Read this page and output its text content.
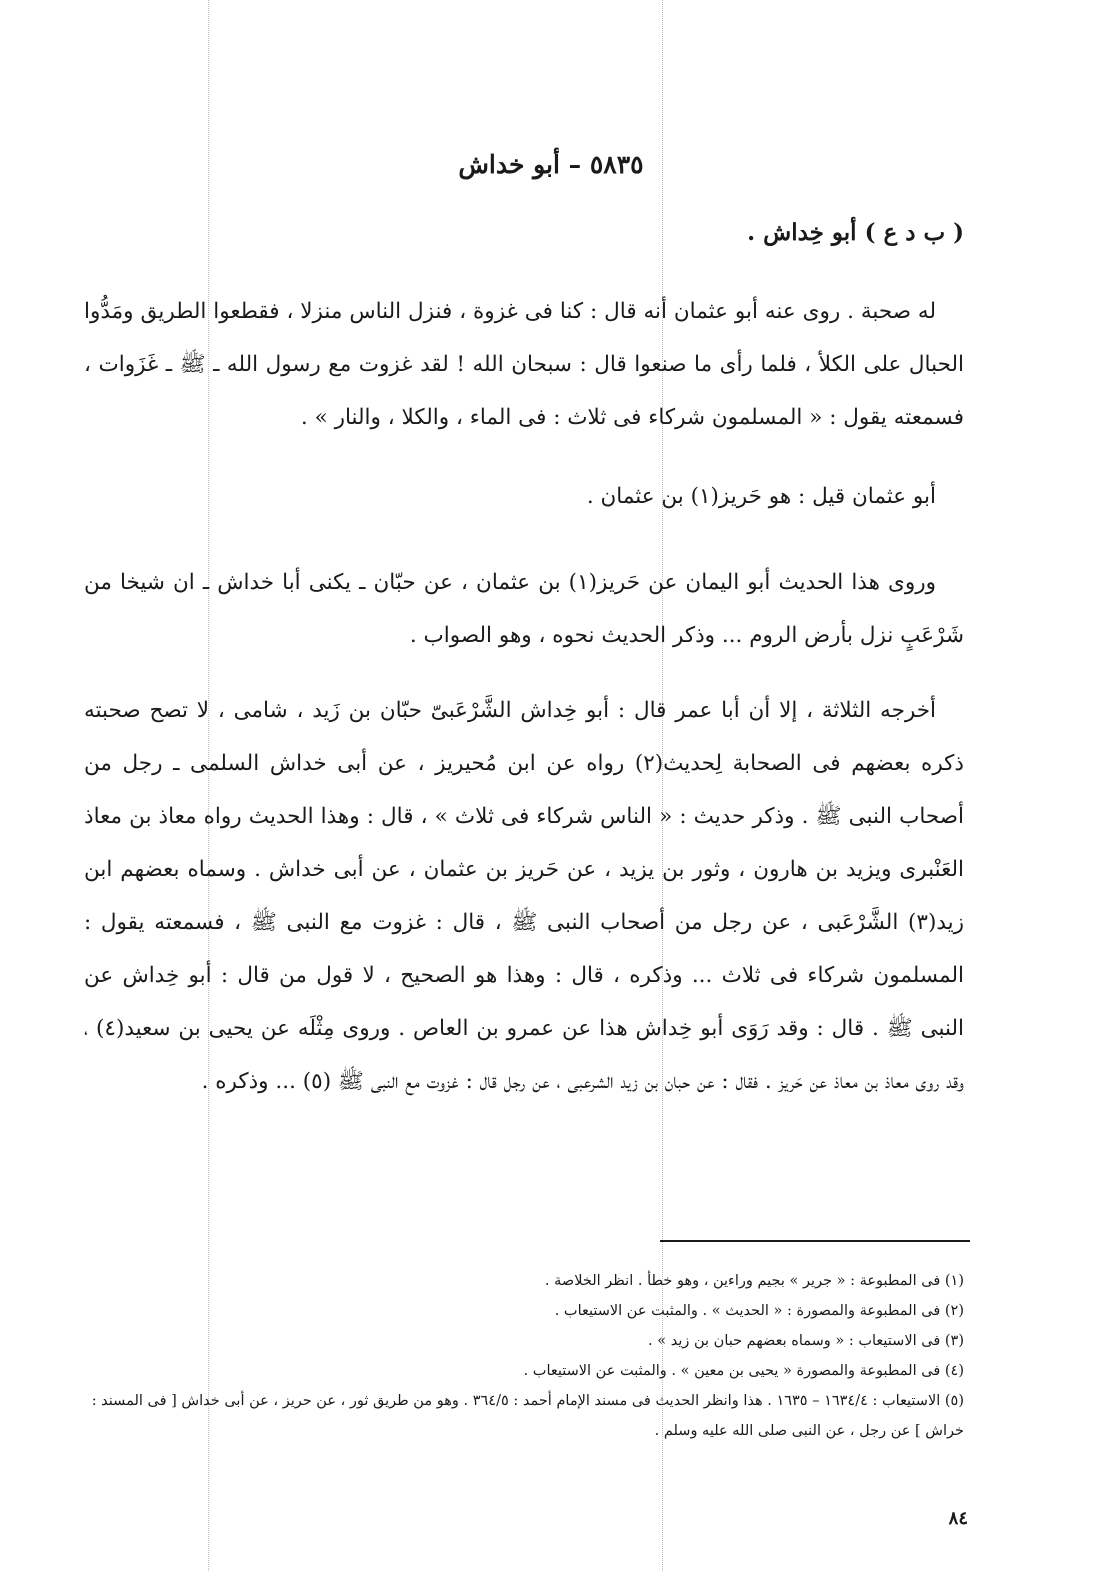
٥٨٣٥ – أبو خداش

( ب د ع ) أبو خِداش .

له صحبة . روى عنه أبو عثمان أنه قال : كنا فى غزوة ، فنزل الناس منزلا ، فقطعوا الطريق ومَدُّوا الحبال على الكلأ ، فلما رأى ما صنعوا قال : سبحان الله ! لقد غزوت مع رسول الله ـ ﷺ ـ غَزَوات ، فسمعته يقول : « المسلمون شركاء فى ثلاث : فى الماء ، والكلا ، والنار » .

أبو عثمان قيل : هو حَريز(١) بن عثمان .

وروى هذا الحديث أبو اليمان عن حَريز(١) بن عثمان ، عن حبّان ـ يكنى أبا خداش ـ ان شيخا من شَرْعَبٍ نزل بأرض الروم ... وذكر الحديث نحوه ، وهو الصواب .

أخرجه الثلاثة ، إلا أن أبا عمر قال : أبو خِداش الشَّرْعَبىّ حبّان بن زَيد ، شامى ، لا تصح صحبته ذكره بعضهم فى الصحابة لِحديث(٢) رواه عن ابن مُحيريز ، عن أبى خداش السلمى ـ رجل من أصحاب النبى ﷺ . وذكر حديث : « الناس شركاء فى ثلاث » ، قال : وهذا الحديث رواه معاذ بن معاذ العَنْبرى ويزيد بن هارون ، وثور بن يزيد ، عن حَريز بن عثمان ، عن أبى خداش . وسماه بعضهم ابن زيد(٣) الشَّرْعَبى ، عن رجل من أصحاب النبى ﷺ ، قال : غزوت مع النبى ﷺ ، فسمعته يقول : المسلمون شركاء فى ثلاث ... وذكره ، قال : وهذا هو الصحيح ، لا قول من قال : أبو خِداش عن النبى ﷺ . قال : وقد رَوَى أبو خِداش هذا عن عمرو بن العاص . وروى مِثْلَه عن يحيى بن سعيد(٤) ، وقد روى معاذ بن معاذ عن حَريز . فقال : عن حبان بن زيد الشرعبى ، عن رجل قال : غزوت مع النبى ﷺ (٥) ... وذكره .

(١) فى المطبوعة : « جرير » بجيم وراءين ، وهو خطأ . انظر الخلاصة .

(٢) فى المطبوعة والمصورة : « الحديث » . والمثبت عن الاستيعاب .

(٣) فى الاستيعاب : « وسماه بعضهم حبان بن زيد » .

(٤) فى المطبوعة والمصورة « يحيى بن معين » . والمثبت عن الاستيعاب .

(٥) الاستيعاب : ١٦٣٤/٤ – ١٦٣٥ . هذا وانظر الحديث فى مسند الإمام أحمد : ٣٦٤/٥ . وهو من طريق ثور ، عن حريز ، عن أبى خداش [ فى المسند : خراش ] عن رجل ، عن النبى صلى الله عليه وسلم .

٨٤
